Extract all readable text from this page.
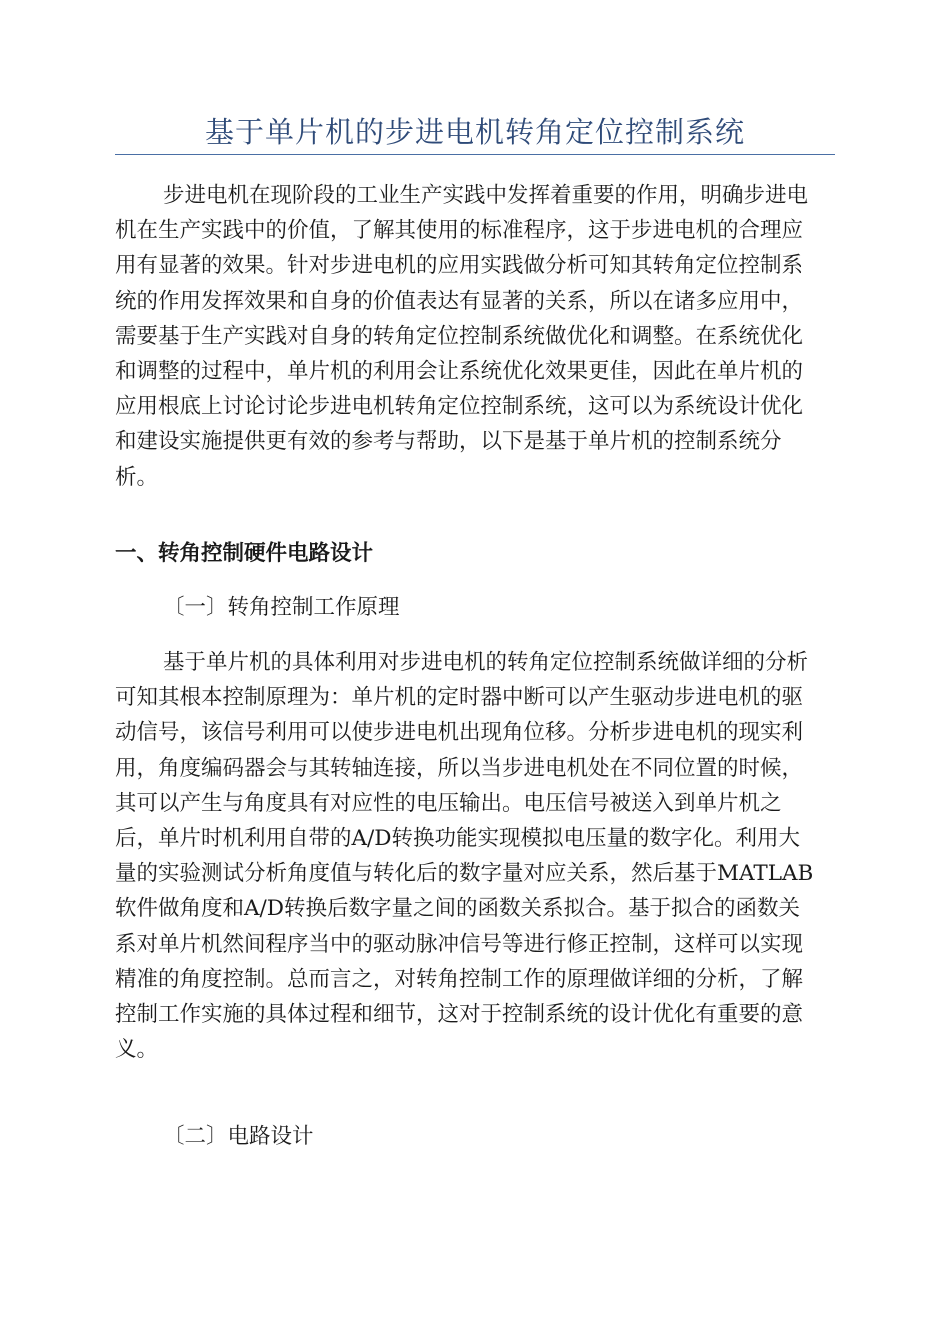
基于单片机的步进电机转角定位控制系统

步进电机在现阶段的工业生产实践中发挥着重要的作用，明确步进电
机在生产实践中的价值，了解其使用的标准程序，这于步进电机的合理应
用有显著的效果。针对步进电机的应用实践做分析可知其转角定位控制系
统的作用发挥效果和自身的价值表达有显著的关系，所以在诸多应用中，
需要基于生产实践对自身的转角定位控制系统做优化和调整。在系统优化
和调整的过程中，单片机的利用会让系统优化效果更佳，因此在单片机的
应用根底上讨论讨论步进电机转角定位控制系统，这可以为系统设计优化
和建设实施提供更有效的参考与帮助，以下是基于单片机的控制系统分
析。

一、转角控制硬件电路设计
〔一〕转角控制工作原理

基于单片机的具体利用对步进电机的转角定位控制系统做详细的分析
可知其根本控制原理为：单片机的定时器中断可以产生驱动步进电机的驱
动信号，该信号利用可以使步进电机出现角位移。分析步进电机的现实利
用，角度编码器会与其转轴连接，所以当步进电机处在不同位置的时候，
其可以产生与角度具有对应性的电压输出。电压信号被送入到单片机之
后，单片时机利用自带的A/D转换功能实现模拟电压量的数字化。利用大
量的实验测试分析角度值与转化后的数字量对应关系，然后基于MATLAB
软件做角度和A/D转换后数字量之间的函数关系拟合。基于拟合的函数关
系对单片机然间程序当中的驱动脉冲信号等进行修正控制，这样可以实现
精准的角度控制。总而言之，对转角控制工作的原理做详细的分析，了解
控制工作实施的具体过程和细节，这对于控制系统的设计优化有重要的意
义。

〔二〕电路设计
